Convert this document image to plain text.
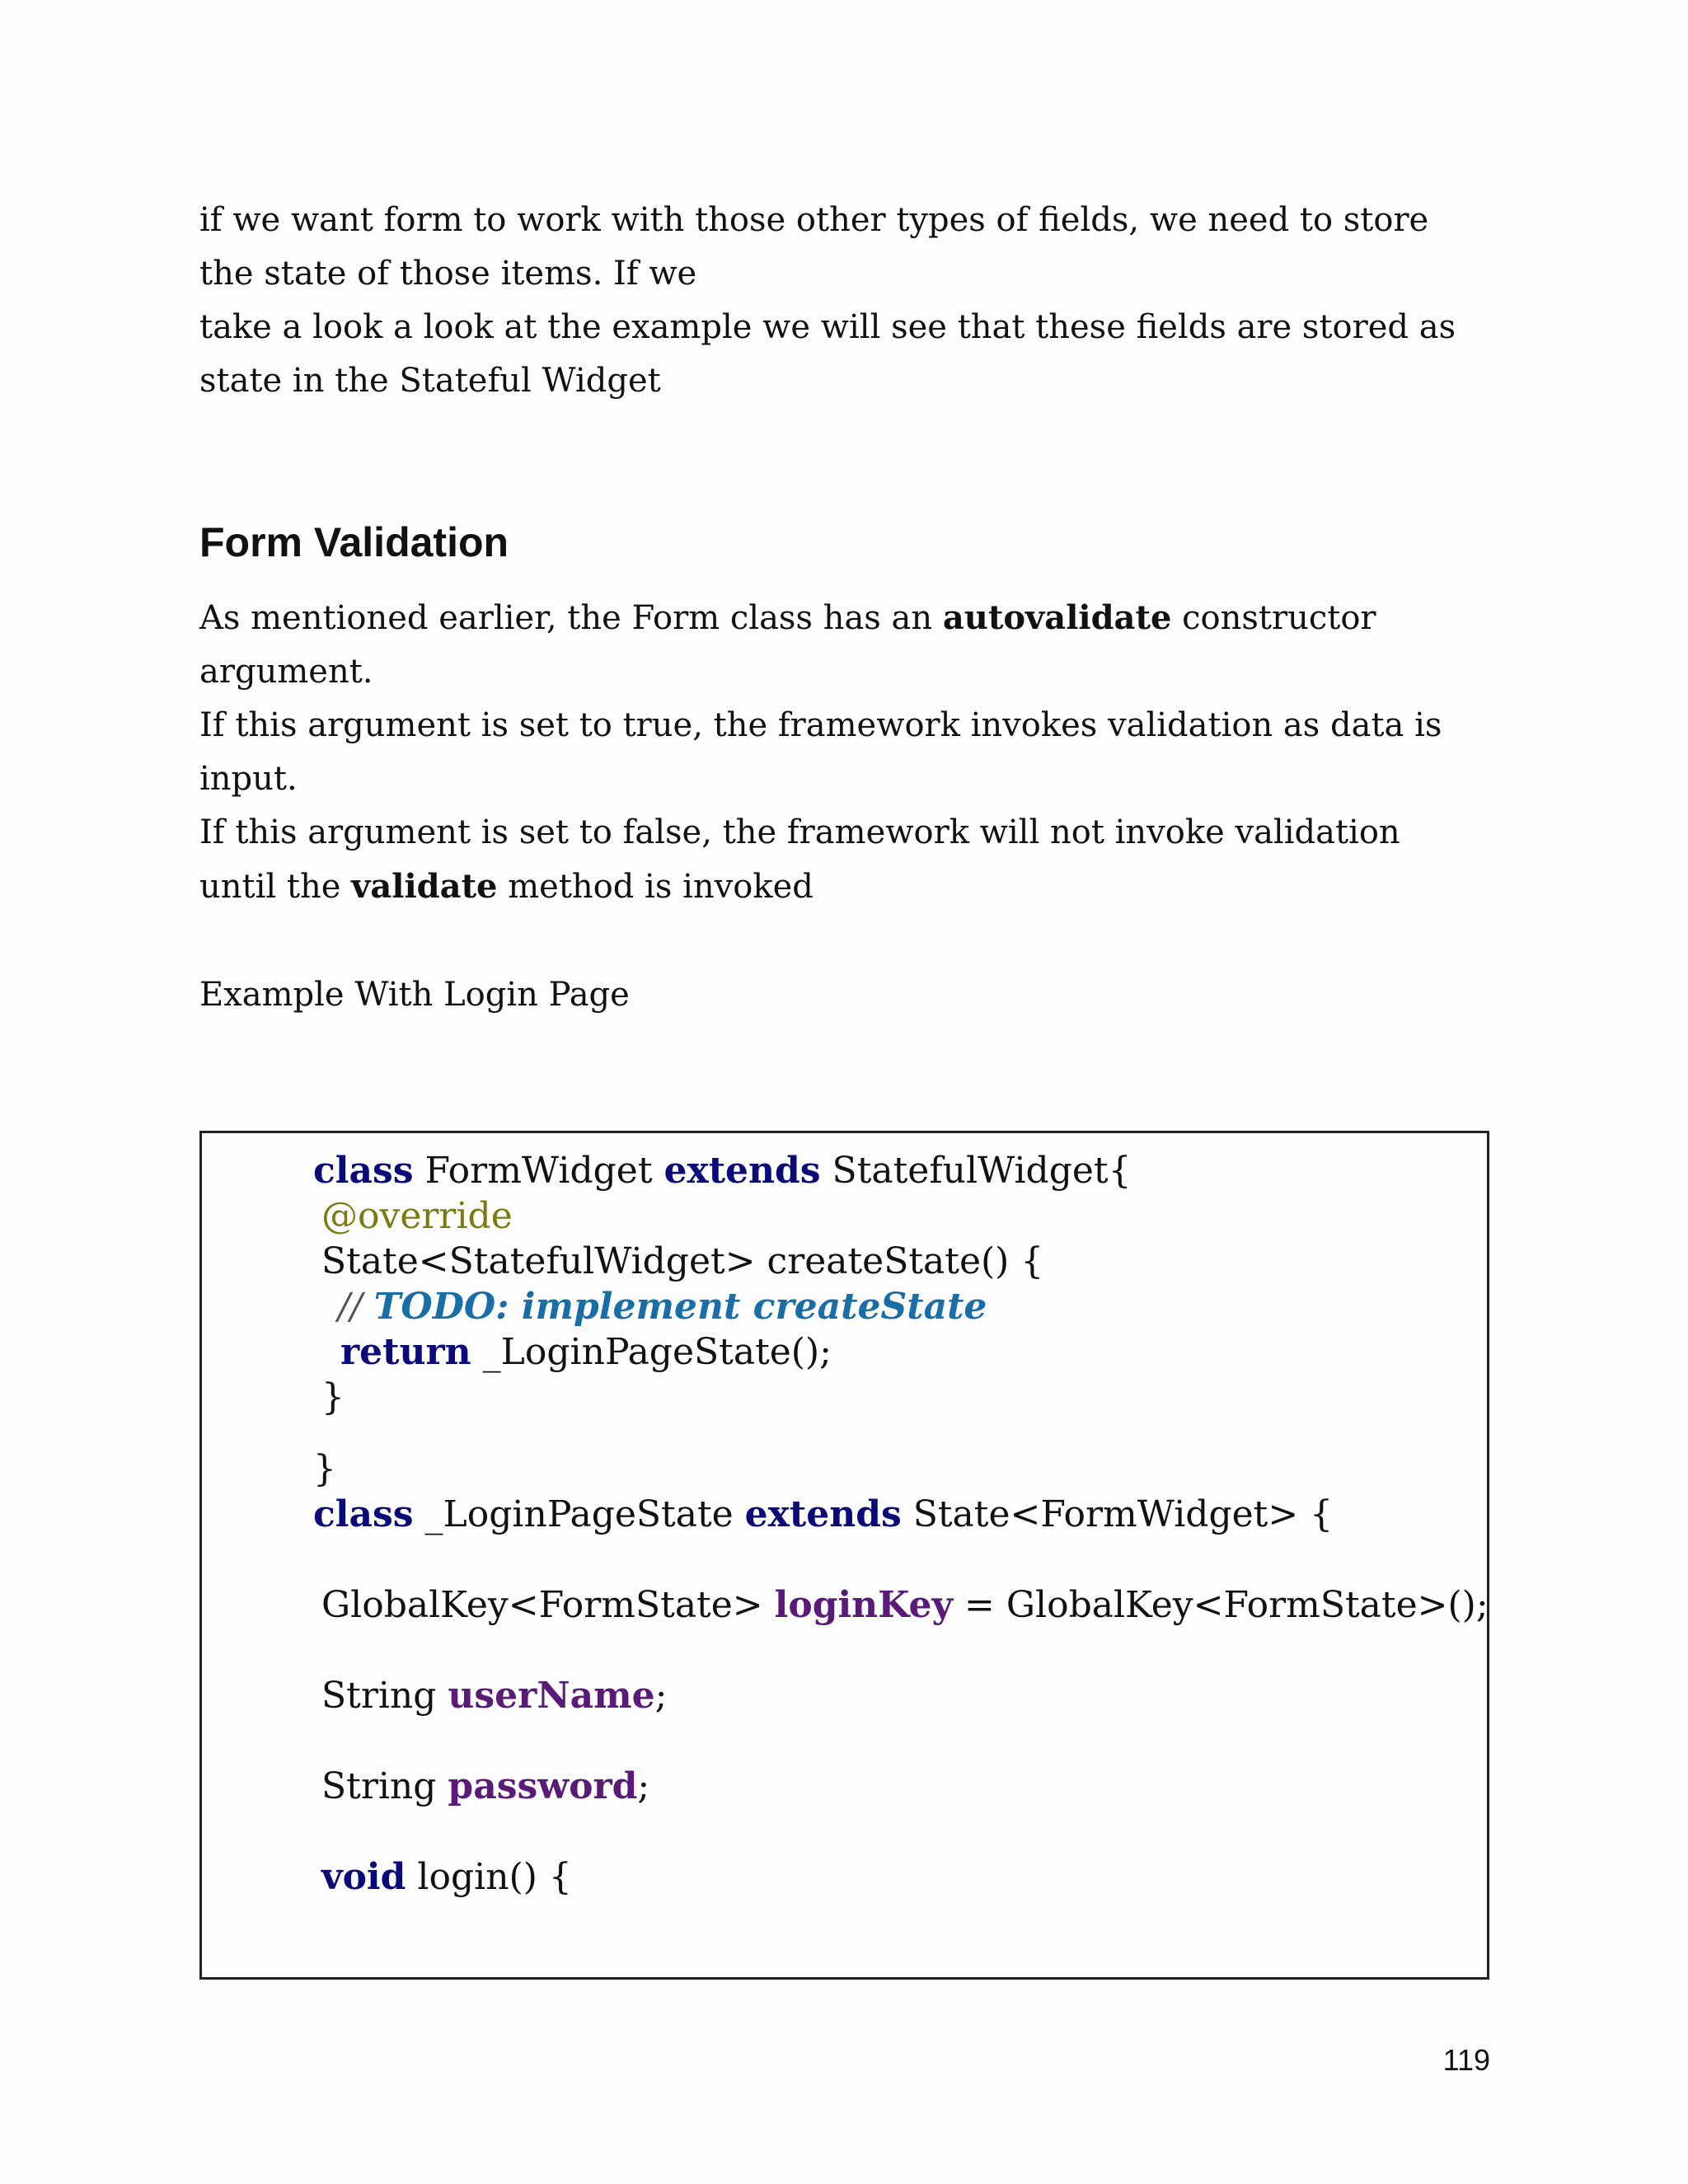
if we want form to work with those other types of fields, we need to store
the state of those items. If we
take a look a look at the example we will see that these fields are stored as
state in the Stateful Widget

Form Validation

As mentioned earlier, the Form class has an autovalidate constructor
argument.
If this argument is set to true, the framework invokes validation as data is
input.
If this argument is set to false, the framework will not invoke validation
until the validate method is invoked

Example With Login Page

class FormWidget extends StatefulWidget{
@override
State<StatefulWidget> createState() {
// TODO: implement createState
return _LoginPageState();
}
}
class _LoginPageState extends State<FormWidget> {
GlobalKey<FormState> loginKey = GlobalKey<FormState>();
String userName;
String password;
void login() {
119
